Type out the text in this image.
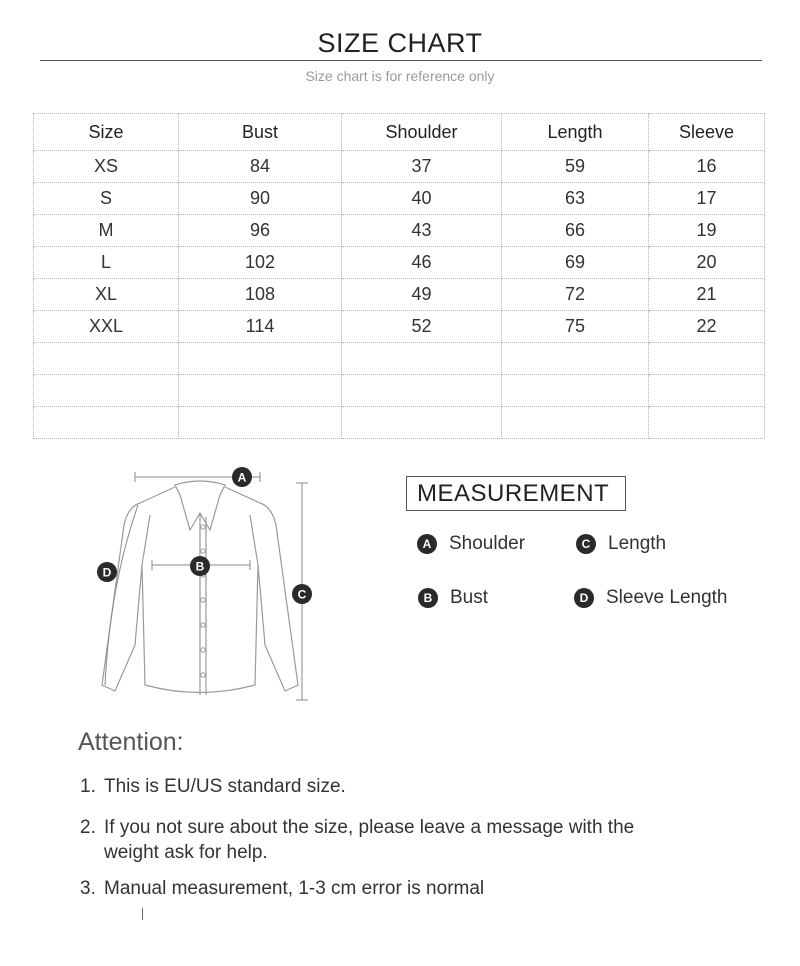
SIZE CHART
Size chart is for reference only
Size	Bust	Shoulder	Length	Sleeve
XS	84	37	59	16
S	90	40	63	17
M	96	43	66	19
L	102	46	69	20
XL	108	49	72	21
XXL	114	52	75	22

A
B
C
D
MEASUREMENT
A Shoulder	C Length
B Bust	D Sleeve Length
Attention:
1. This is EU/US standard size.
2. If you not sure about the size, please leave a message with the
weight ask for help.
3. Manual measurement, 1-3 cm error is normal
